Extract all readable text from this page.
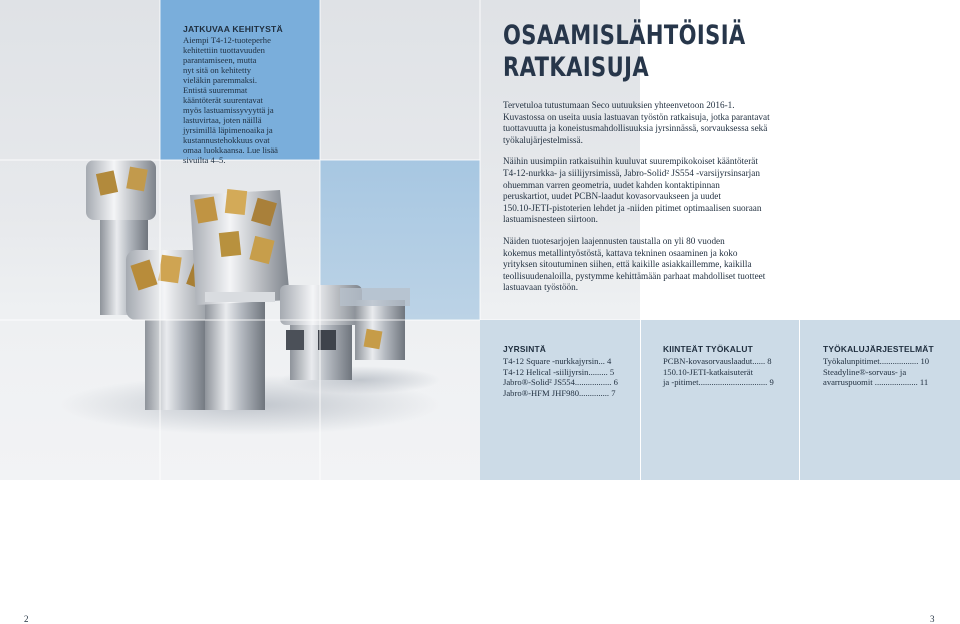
JATKUVAA KEHITYSTÄ
Aiempi T4-12-tuoteperhe
kehitettiin tuottavuuden
parantamiseen, mutta
nyt sitä on kehitetty
vieläkin paremmaksi.
Entistä suuremmat
kääntöterät suurentavat
myös lastuamissyvyyttä ja
lastuvirtaa, joten näillä
jyrsimillä läpimenoaika ja
kustannustehokkuus ovat
omaa luokkaansa. Lue lisää
sivuilta 4–5.
OSAAMISLÄHTÖISIÄ
RATKAISUJA

Tervetuloa tutustumaan Seco uutuuksien yhteenvetoon 2016-1.
Kuvastossa on useita uusia lastuavan työstön ratkaisuja, jotka parantavat
tuottavuutta ja koneistusmahdollisuuksia jyrsinnässä, sorvauksessa sekä
työkalujärjestelmissä.

Näihin uusimpiin ratkaisuihin kuuluvat suurempikokoiset kääntöterät
T4-12-nurkka- ja siilijyrsimissä, Jabro-Solid² JS554 -varsijyrsinsarjan
ohuemman varren geometria, uudet kahden kontaktipinnan
peruskartiot, uudet PCBN-laadut kovasorvaukseen ja uudet
150.10-JETI-pistoterien lehdet ja -niiden pitimet optimaalisen suoraan
lastuamisnesteen siirtoon.

Näiden tuotesarjojen laajennusten taustalla on yli 80 vuoden
kokemus metallintyöstöstä, kattava tekninen osaaminen ja koko
yrityksen sitoutuminen siihen, että kaikille asiakkaillemme, kaikilla
teollisuudenaloilla, pystymme kehittämään parhaat mahdolliset tuotteet
lastuavaan työstöön.

JYRSINTÄ
T4-12 Square -nurkkajyrsin... 4
T4-12 Helical -siilijyrsin......... 5
Jabro®-Solid² JS554................. 6
Jabro®-HFM JHF980.............. 7
KIINTEÄT TYÖKALUT
PCBN-kovasorvauslaadut...... 8
150.10-JETI-katkaisuterät
ja -pitimet................................ 9
TYÖKALUJÄRJESTELMÄT
Työkalunpitimet.................. 10
Steadyline®-sorvaus- ja
avarruspuomit .................... 11
2	3
